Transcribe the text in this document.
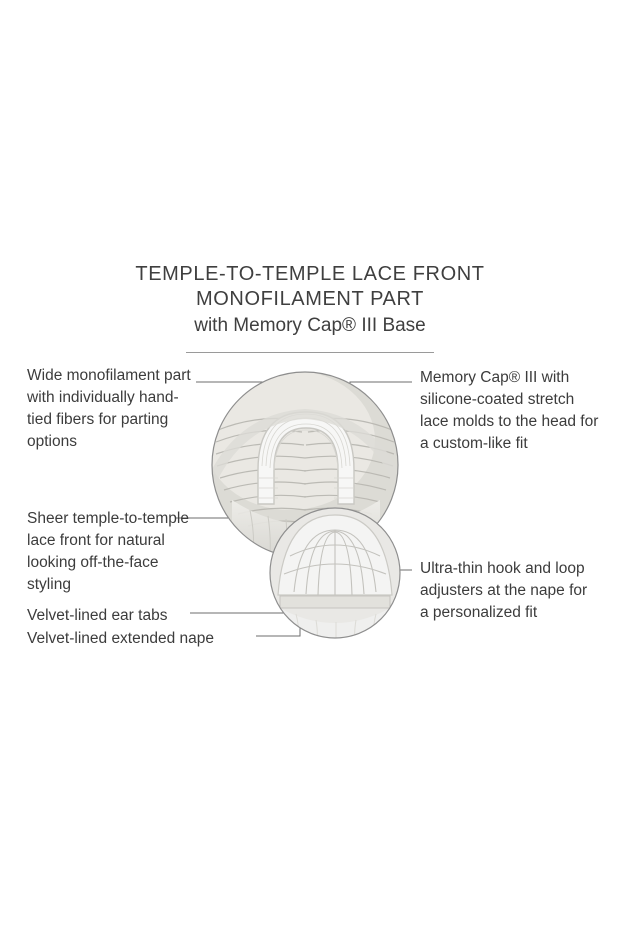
TEMPLE-TO-TEMPLE LACE FRONT
MONOFILAMENT PART
with Memory Cap® III Base
Wide monofilament part with individually hand-tied fibers for parting options
Sheer temple-to-temple lace front for natural looking off-the-face styling
Velvet-lined ear tabs
Velvet-lined extended nape
Memory Cap® III with silicone-coated stretch lace molds to the head for a custom-like fit
Ultra-thin hook and loop adjusters at the nape for a personalized fit
